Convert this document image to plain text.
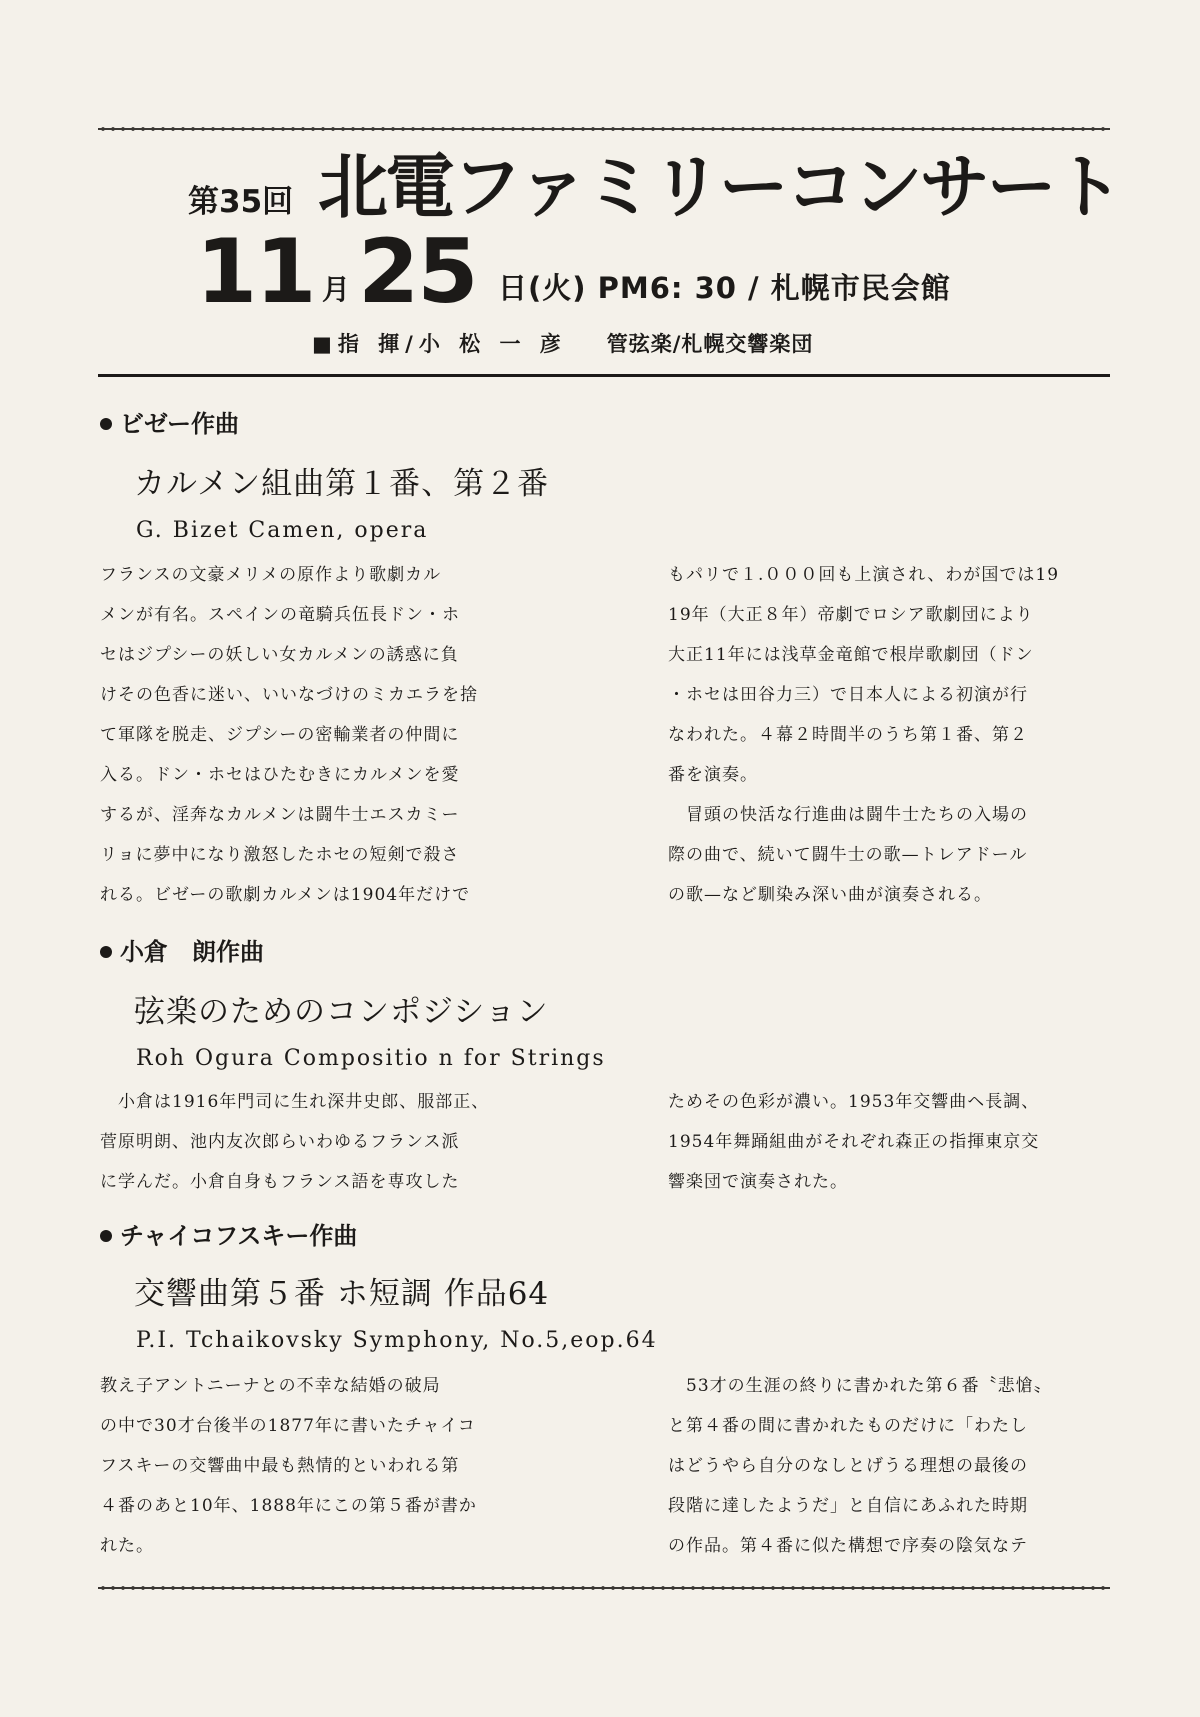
第35回 北電ファミリーコンサート
11 月 25 日(火) PM6: 30 / 札幌市民会館
■指 揮/小 松 一 彦 管弦楽/札幌交響楽団
ビゼー作曲
カルメン組曲第１番、第２番
G. Bizet Camen, opera
フランスの文豪メリメの原作より歌劇カル
メンが有名。スペインの竜騎兵伍長ドン・ホ
セはジプシーの妖しい女カルメンの誘惑に負
けその色香に迷い、いいなづけのミカエラを捨
て軍隊を脱走、ジプシーの密輸業者の仲間に
入る。ドン・ホセはひたむきにカルメンを愛
するが、淫奔なカルメンは闘牛士エスカミー
リョに夢中になり激怒したホセの短剣で殺さ
れる。ビゼーの歌劇カルメンは1904年だけで
もパリで１.０００回も上演され、わが国では19
19年（大正８年）帝劇でロシア歌劇団により
大正11年には浅草金竜館で根岸歌劇団（ドン
・ホセは田谷力三）で日本人による初演が行
なわれた。４幕２時間半のうち第１番、第２
番を演奏。
　冒頭の快活な行進曲は闘牛士たちの入場の
際の曲で、続いて闘牛士の歌—トレアドール
の歌—など馴染み深い曲が演奏される。
小倉　朗作曲
弦楽のためのコンポジション
Roh Ogura Compositio n for Strings
　小倉は1916年門司に生れ深井史郎、服部正、
菅原明朗、池内友次郎らいわゆるフランス派
に学んだ。小倉自身もフランス語を専攻した
ためその色彩が濃い。1953年交響曲ヘ長調、
1954年舞踊組曲がそれぞれ森正の指揮東京交
響楽団で演奏された。
チャイコフスキー作曲
交響曲第５番 ホ短調 作品64
P.I. Tchaikovsky Symphony, No.5,eop.64
教え子アントニーナとの不幸な結婚の破局
の中で30才台後半の1877年に書いたチャイコ
フスキーの交響曲中最も熱情的といわれる第
４番のあと10年、1888年にこの第５番が書か
れた。
　53才の生涯の終りに書かれた第６番〝悲愴〟
と第４番の間に書かれたものだけに「わたし
はどうやら自分のなしとげうる理想の最後の
段階に達したようだ」と自信にあふれた時期
の作品。第４番に似た構想で序奏の陰気なテ
